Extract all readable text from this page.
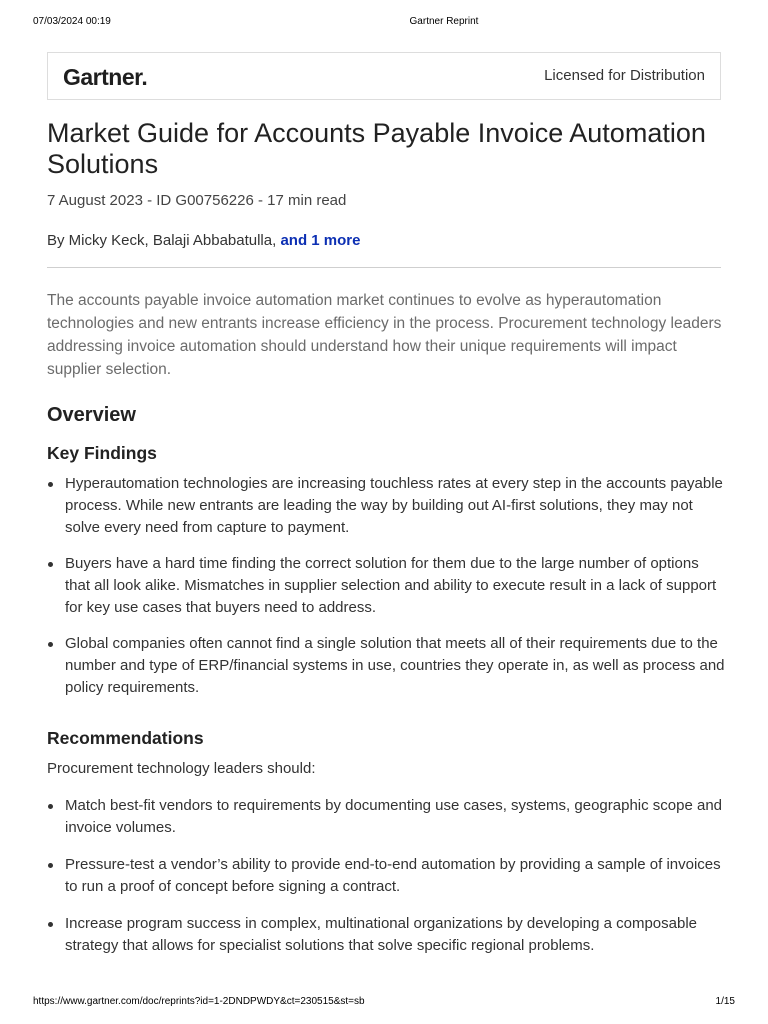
07/03/2024 00:19	Gartner Reprint
Gartner.	Licensed for Distribution
Market Guide for Accounts Payable Invoice Automation Solutions
7 August 2023 - ID G00756226 - 17 min read
By Micky Keck, Balaji Abbabatulla, and 1 more

The accounts payable invoice automation market continues to evolve as hyperautomation technologies and new entrants increase efficiency in the process. Procurement technology leaders addressing invoice automation should understand how their unique requirements will impact supplier selection.

Overview
Key Findings
Hyperautomation technologies are increasing touchless rates at every step in the accounts payable process. While new entrants are leading the way by building out AI-first solutions, they may not solve every need from capture to payment.
Buyers have a hard time finding the correct solution for them due to the large number of options that all look alike. Mismatches in supplier selection and ability to execute result in a lack of support for key use cases that buyers need to address.
Global companies often cannot find a single solution that meets all of their requirements due to the number and type of ERP/financial systems in use, countries they operate in, as well as process and policy requirements.
Recommendations
Procurement technology leaders should:
Match best-fit vendors to requirements by documenting use cases, systems, geographic scope and invoice volumes.
Pressure-test a vendor’s ability to provide end-to-end automation by providing a sample of invoices to run a proof of concept before signing a contract.
Increase program success in complex, multinational organizations by developing a composable strategy that allows for specialist solutions that solve specific regional problems.
https://www.gartner.com/doc/reprints?id=1-2DNDPWDY&ct=230515&st=sb	1/15
